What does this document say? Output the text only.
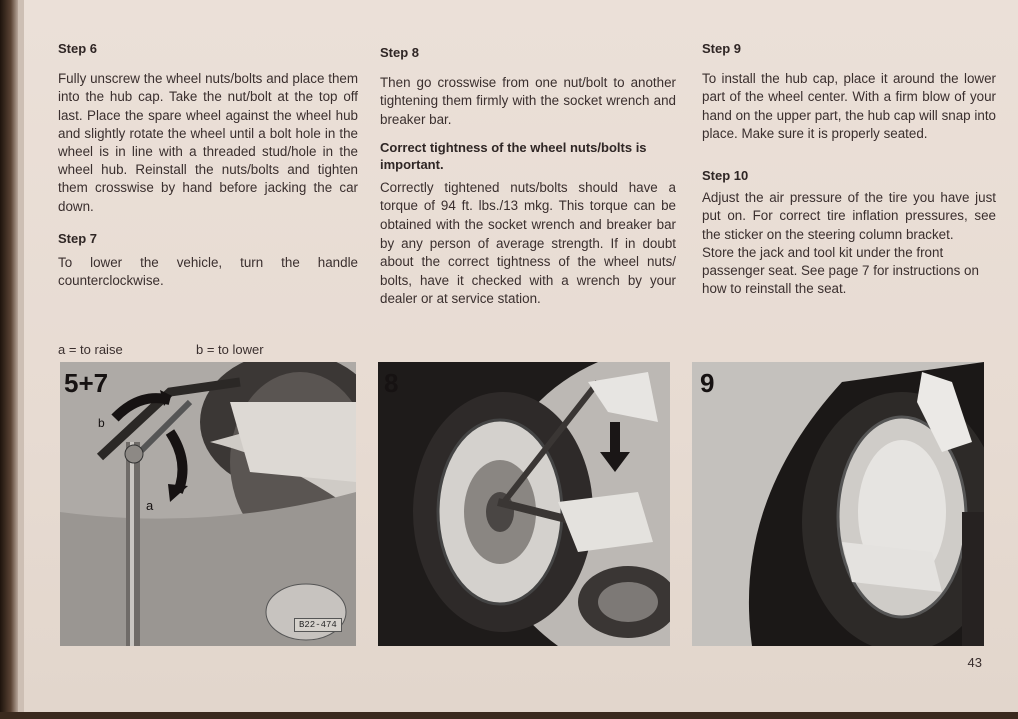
Step 6

Fully unscrew the wheel nuts/bolts and place them into the hub cap. Take the nut/bolt at the top off last. Place the spare wheel against the wheel hub and slightly rotate the wheel until a bolt hole in the wheel is in line with a threaded stud/hole in the wheel hub. Reinstall the nuts/bolts and tighten them crosswise by hand before jacking the car down.

Step 7

To lower the vehicle, turn the handle counterclockwise.

Step 8

Then go crosswise from one nut/bolt to another tightening them firmly with the socket wrench and breaker bar.

Correct tightness of the wheel nuts/bolts is important.

Correctly tightened nuts/bolts should have a torque of 94 ft. lbs./13 mkg. This torque can be obtained with the socket wrench and breaker bar by any person of average strength. If in doubt about the correct tightness of the wheel nuts/ bolts, have it checked with a wrench by your dealer or at service station.

Step 9

To install the hub cap, place it around the lower part of the wheel center. With a firm blow of your hand on the upper part, the hub cap will snap into place. Make sure it is properly seated.

Step 10

Adjust the air pressure of the tire you have just put on. For correct tire inflation pressures, see the sticker on the steering column bracket.

Store the jack and tool kit under the front passenger seat. See page 7 for instructions on how to reinstall the seat.

a = to raise	b = to lower
5+7
b
a
B22-474
8	9
43
